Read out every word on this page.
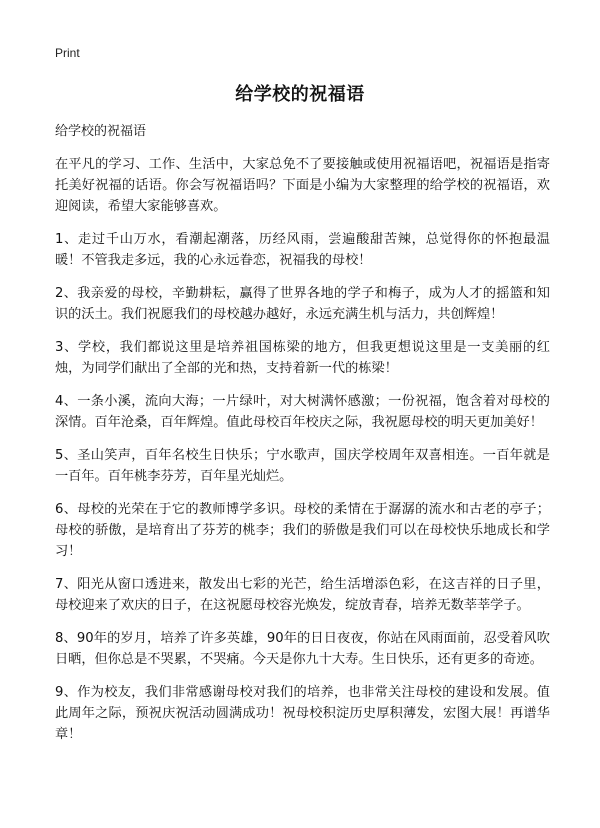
Print
给学校的祝福语

给学校的祝福语

在平凡的学习、工作、生活中，大家总免不了要接触或使用祝福语吧，祝福语是指寄托美好祝福的话语。你会写祝福语吗？下面是小编为大家整理的给学校的祝福语，欢迎阅读，希望大家能够喜欢。

1、走过千山万水，看潮起潮落，历经风雨，尝遍酸甜苦辣，总觉得你的怀抱最温暖！不管我走多远，我的心永远眷恋，祝福我的母校！

2、我亲爱的母校，辛勤耕耘，赢得了世界各地的学子和梅子，成为人才的摇篮和知识的沃土。我们祝愿我们的母校越办越好，永远充满生机与活力，共创辉煌！

3、学校，我们都说这里是培养祖国栋梁的地方，但我更想说这里是一支美丽的红烛，为同学们献出了全部的光和热，支持着新一代的栋梁！

4、一条小溪，流向大海；一片绿叶，对大树满怀感激；一份祝福，饱含着对母校的深情。百年沧桑，百年辉煌。值此母校百年校庆之际，我祝愿母校的明天更加美好！

5、圣山笑声，百年名校生日快乐；宁水歌声，国庆学校周年双喜相连。一百年就是一百年。百年桃李芬芳，百年星光灿烂。

6、母校的光荣在于它的教师博学多识。母校的柔情在于潺潺的流水和古老的亭子；母校的骄傲，是培育出了芬芳的桃李；我们的骄傲是我们可以在母校快乐地成长和学习！

7、阳光从窗口透进来，散发出七彩的光芒，给生活增添色彩，在这吉祥的日子里，母校迎来了欢庆的日子，在这祝愿母校容光焕发，绽放青春，培养无数莘莘学子。

8、90年的岁月，培养了许多英雄，90年的日日夜夜，你站在风雨面前，忍受着风吹日晒，但你总是不哭累，不哭痛。今天是你九十大寿。生日快乐，还有更多的奇迹。

9、作为校友，我们非常感谢母校对我们的培养，也非常关注母校的建设和发展。值此周年之际，预祝庆祝活动圆满成功！祝母校积淀历史厚积薄发，宏图大展！再谱华章！
